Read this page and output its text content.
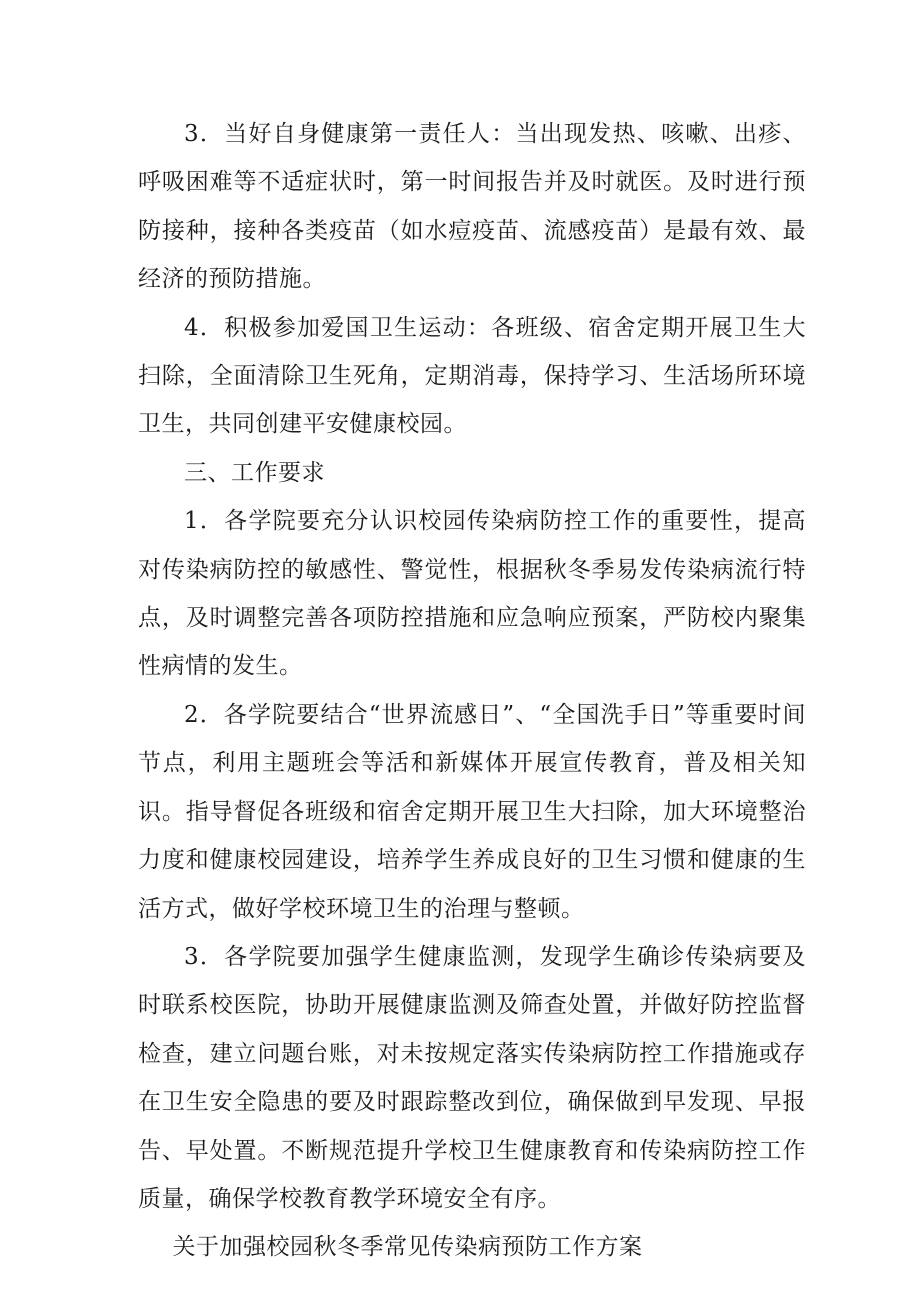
3．当好自身健康第一责任人：当出现发热、咳嗽、出疹、呼吸困难等不适症状时，第一时间报告并及时就医。及时进行预防接种，接种各类疫苗（如水痘疫苗、流感疫苗）是最有效、最经济的预防措施。

4．积极参加爱国卫生运动：各班级、宿舍定期开展卫生大扫除，全面清除卫生死角，定期消毒，保持学习、生活场所环境卫生，共同创建平安健康校园。

三、工作要求

1．各学院要充分认识校园传染病防控工作的重要性，提高对传染病防控的敏感性、警觉性，根据秋冬季易发传染病流行特点，及时调整完善各项防控措施和应急响应预案，严防校内聚集性病情的发生。

2．各学院要结合“世界流感日”、“全国洗手日”等重要时间节点，利用主题班会等活和新媒体开展宣传教育，普及相关知识。指导督促各班级和宿舍定期开展卫生大扫除，加大环境整治力度和健康校园建设，培养学生养成良好的卫生习惯和健康的生活方式，做好学校环境卫生的治理与整顿。

3．各学院要加强学生健康监测，发现学生确诊传染病要及时联系校医院，协助开展健康监测及筛查处置，并做好防控监督检查，建立问题台账，对未按规定落实传染病防控工作措施或存在卫生安全隐患的要及时跟踪整改到位，确保做到早发现、早报告、早处置。不断规范提升学校卫生健康教育和传染病防控工作质量，确保学校教育教学环境安全有序。

关于加强校园秋冬季常见传染病预防工作方案
